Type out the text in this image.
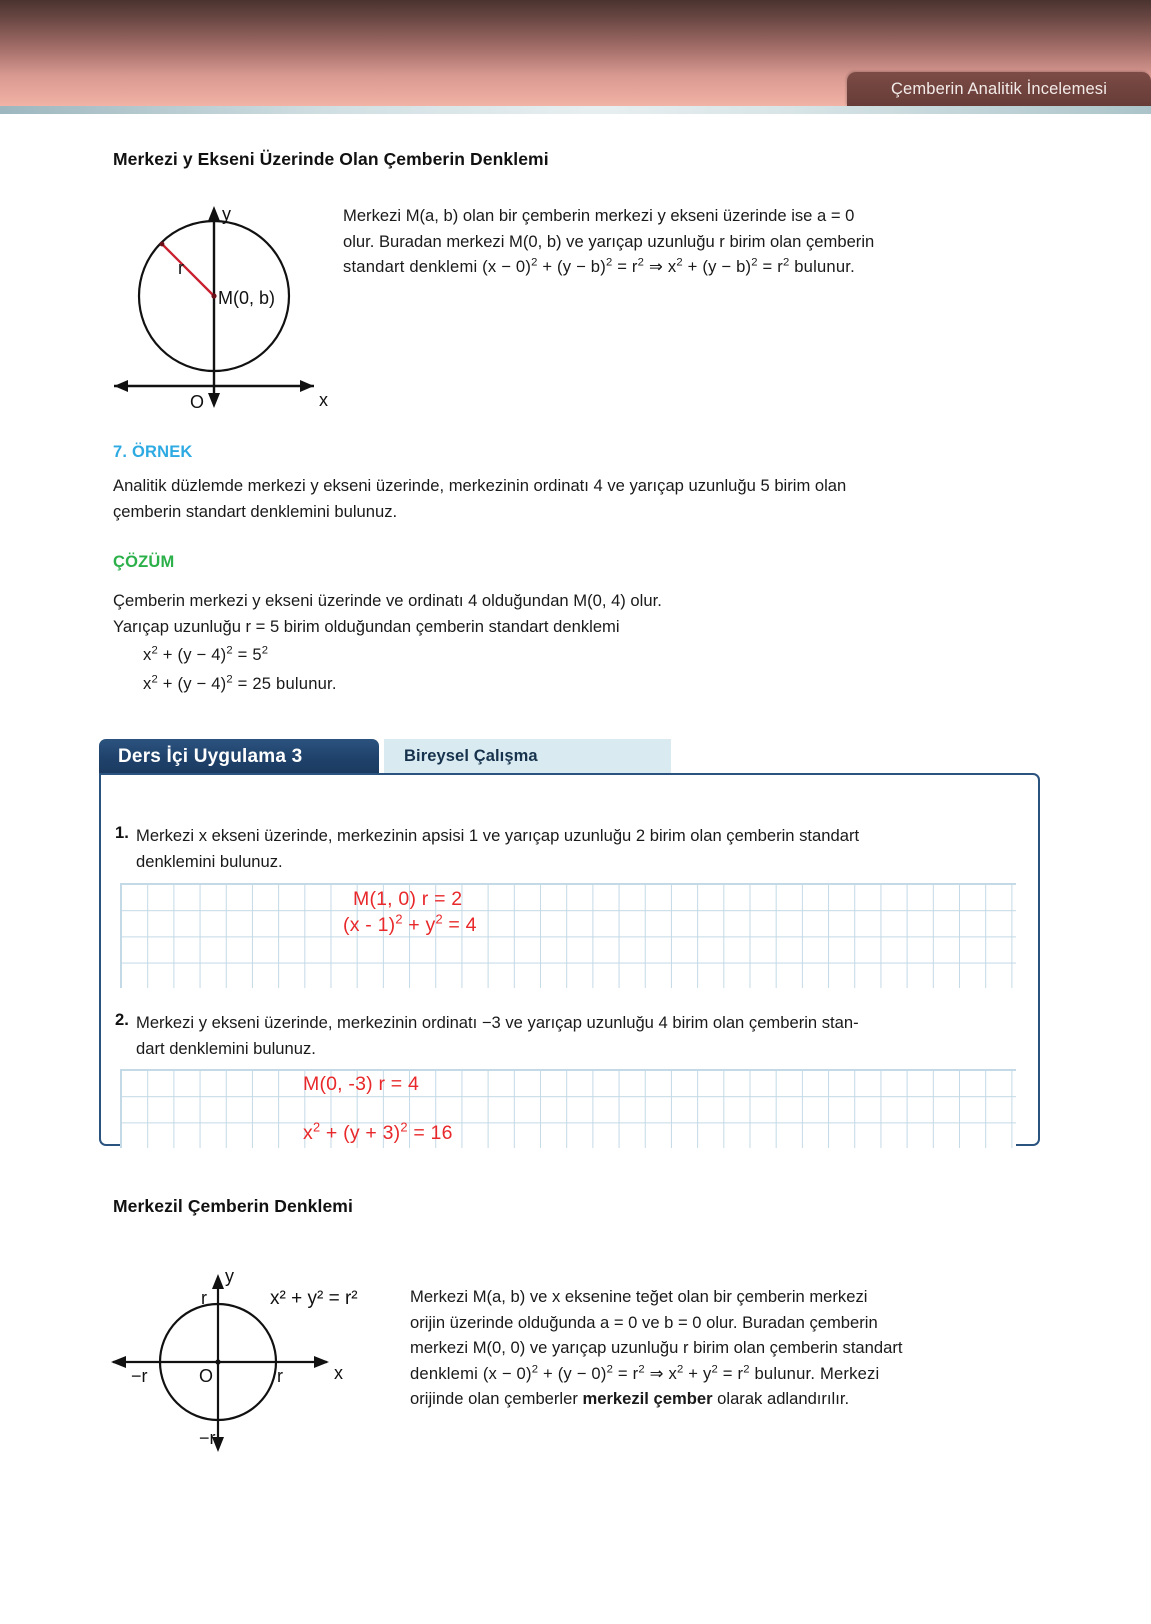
Çemberin Analitik İncelemesi
Merkezi y Ekseni Üzerinde Olan Çemberin Denklemi
y
x
O
r
M(0, b)
Merkezi M(a, b) olan bir çemberin merkezi y ekseni üzerinde ise a = 0
olur. Buradan merkezi M(0, b) ve yarıçap uzunluğu r birim olan çemberin
standart denklemi $(x - 0)^2 + (y - b)^2 = r^2$ ⇒ $x^2 + (y - b)^2 = r^2$ bulunur.
7. ÖRNEK
Analitik düzlemde merkezi y ekseni üzerinde, merkezinin ordinatı 4 ve yarıçap uzunluğu 5 birim olan
çemberin standart denklemini bulunuz.
ÇÖZÜM
Çemberin merkezi y ekseni üzerinde ve ordinatı 4 olduğundan M(0, 4) olur.
Yarıçap uzunluğu r = 5 birim olduğundan çemberin standart denklemi
$x^2 + (y - 4)^2 = 5^2$
$x^2 + (y - 4)^2 = 25$ bulunur.
Ders İçi Uygulama 3	Bireysel Çalışma
1. Merkezi x ekseni üzerinde, merkezinin apsisi 1 ve yarıçap uzunluğu 2 birim olan çemberin standart
denklemini bulunuz.
M(1, 0) r = 2
$(x - 1)^2 + y^2 = 4$
2. Merkezi y ekseni üzerinde, merkezinin ordinatı −3 ve yarıçap uzunluğu 4 birim olan çemberin stan-
dart denklemini bulunuz.
M(0, -3) r = 4
$x^2 + (y + 3)^2 = 16$
Merkezil Çemberin Denklemi
y
x
O
r
−r
−r	r
x² + y² = r²	Merkezi M(a, b) ve x eksenine teğet olan bir çemberin merkezi
orijin üzerinde olduğunda a = 0 ve b = 0 olur. Buradan çemberin
merkezi M(0, 0) ve yarıçap uzunluğu r birim olan çemberin standart
denklemi $(x - 0)^2 + (y - 0)^2 = r^2$ ⇒ $x^2 + y^2 = r^2$ bulunur. Merkezi
orijinde olan çemberler merkezil çember olarak adlandırılır.
